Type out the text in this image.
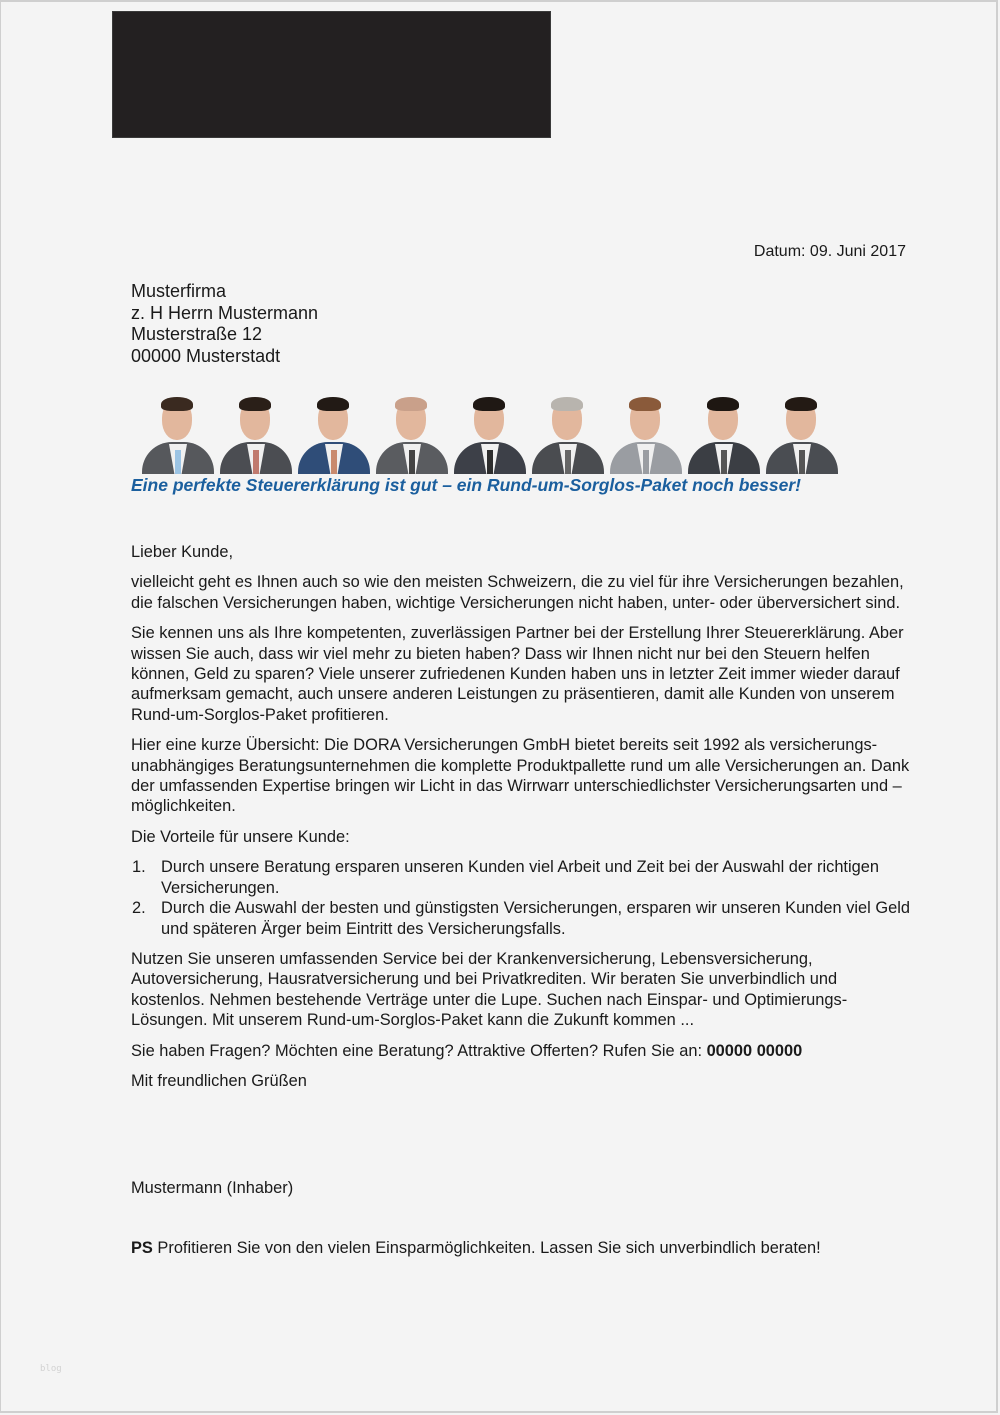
Datum: 09. Juni 2017
Musterfirma
z. H Herrn Mustermann
Musterstraße 12
00000 Musterstadt
Eine perfekte Steuererklärung ist gut – ein Rund-um-Sorglos-Paket noch besser!

Lieber Kunde,

vielleicht geht es Ihnen auch so wie den meisten Schweizern, die zu viel für ihre Versicherungen bezahlen, die falschen Versicherungen haben, wichtige Versicherungen nicht haben, unter- oder überversichert sind.

Sie kennen uns als Ihre kompetenten, zuverlässigen Partner bei der Erstellung Ihrer Steuererklärung. Aber wissen Sie auch, dass wir viel mehr zu bieten haben? Dass wir Ihnen nicht nur bei den Steuern helfen können, Geld zu sparen? Viele unserer zufriedenen Kunden haben uns in letzter Zeit immer wieder darauf aufmerksam gemacht, auch unsere anderen Leistungen zu präsentieren, damit alle Kunden von unserem Rund-um-Sorglos-Paket profitieren.

Hier eine kurze Übersicht: Die DORA Versicherungen GmbH bietet bereits seit 1992 als versicherungs-unabhängiges Beratungsunternehmen die komplette Produktpallette rund um alle Versicherungen an. Dank der umfassenden Expertise bringen wir Licht in das Wirrwarr unterschiedlichster Versicherungsarten und –möglichkeiten.

Die Vorteile für unsere Kunde:

1. Durch unsere Beratung ersparen unseren Kunden viel Arbeit und Zeit bei der Auswahl der richtigen Versicherungen.
2. Durch die Auswahl der besten und günstigsten Versicherungen, ersparen wir unseren Kunden viel Geld und späteren Ärger beim Eintritt des Versicherungsfalls.

Nutzen Sie unseren umfassenden Service bei der Krankenversicherung, Lebensversicherung, Autoversicherung, Hausratversicherung und bei Privatkrediten. Wir beraten Sie unverbindlich und kostenlos. Nehmen bestehende Verträge unter die Lupe. Suchen nach Einspar- und Optimierungs-Lösungen. Mit unserem Rund-um-Sorglos-Paket kann die Zukunft kommen ...

Sie haben Fragen? Möchten eine Beratung? Attraktive Offerten? Rufen Sie an: 00000 00000

Mit freundlichen Grüßen

Mustermann (Inhaber)
PS Profitieren Sie von den vielen Einsparmöglichkeiten. Lassen Sie sich unverbindlich beraten!
blog
